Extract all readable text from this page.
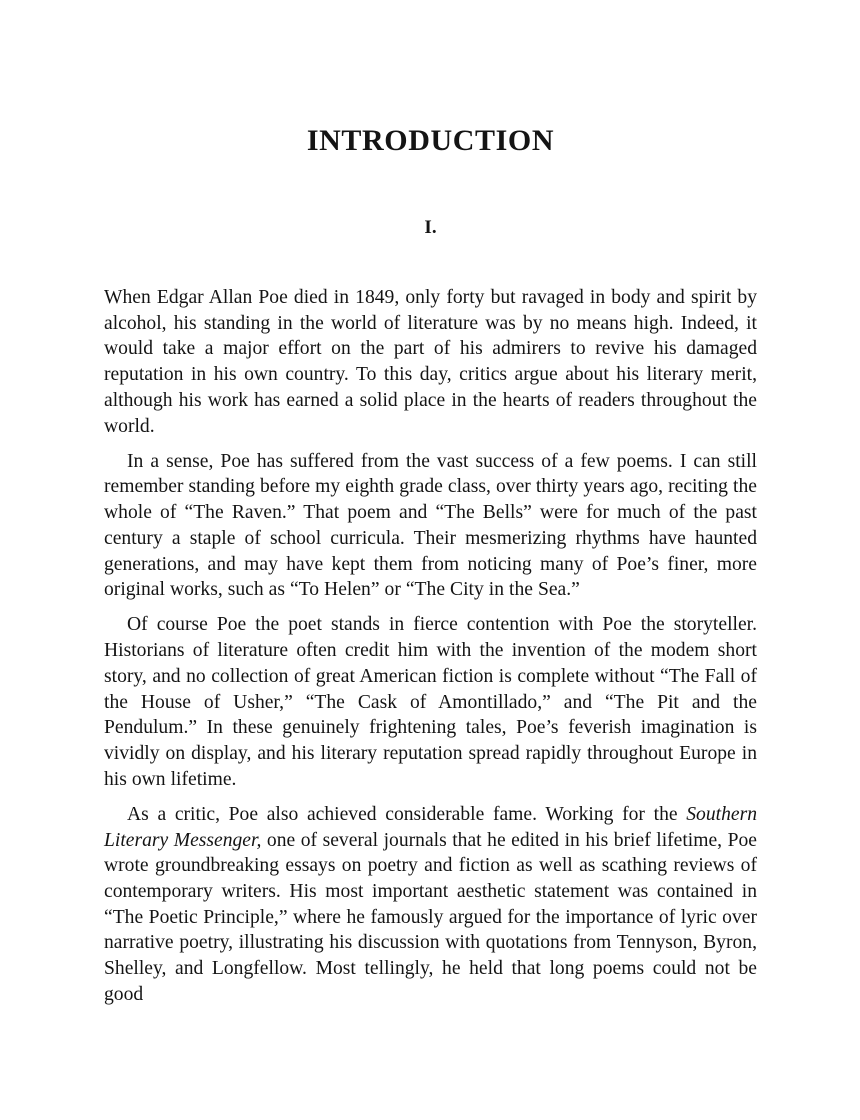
INTRODUCTION
I.

When Edgar Allan Poe died in 1849, only forty but ravaged in body and spirit by alcohol, his standing in the world of literature was by no means high. Indeed, it would take a major effort on the part of his admirers to revive his damaged reputation in his own country. To this day, critics argue about his literary merit, although his work has earned a solid place in the hearts of readers throughout the world.

In a sense, Poe has suffered from the vast success of a few poems. I can still remember standing before my eighth grade class, over thirty years ago, reciting the whole of “The Raven.” That poem and “The Bells” were for much of the past century a staple of school curricula. Their mesmerizing rhythms have haunted generations, and may have kept them from noticing many of Poe’s finer, more original works, such as “To Helen” or “The City in the Sea.”

Of course Poe the poet stands in fierce contention with Poe the storyteller. Historians of literature often credit him with the invention of the modem short story, and no collection of great American fiction is complete without “The Fall of the House of Usher,” “The Cask of Amontillado,” and “The Pit and the Pendulum.” In these genuinely frightening tales, Poe’s feverish imagination is vividly on display, and his literary reputation spread rapidly throughout Europe in his own lifetime.

As a critic, Poe also achieved considerable fame. Working for the Southern Literary Messenger, one of several journals that he edited in his brief lifetime, Poe wrote groundbreaking essays on poetry and fiction as well as scathing reviews of contemporary writers. His most important aesthetic statement was contained in “The Poetic Principle,” where he famously argued for the importance of lyric over narrative poetry, illustrating his discussion with quotations from Tennyson, Byron, Shelley, and Longfellow. Most tellingly, he held that long poems could not be good
